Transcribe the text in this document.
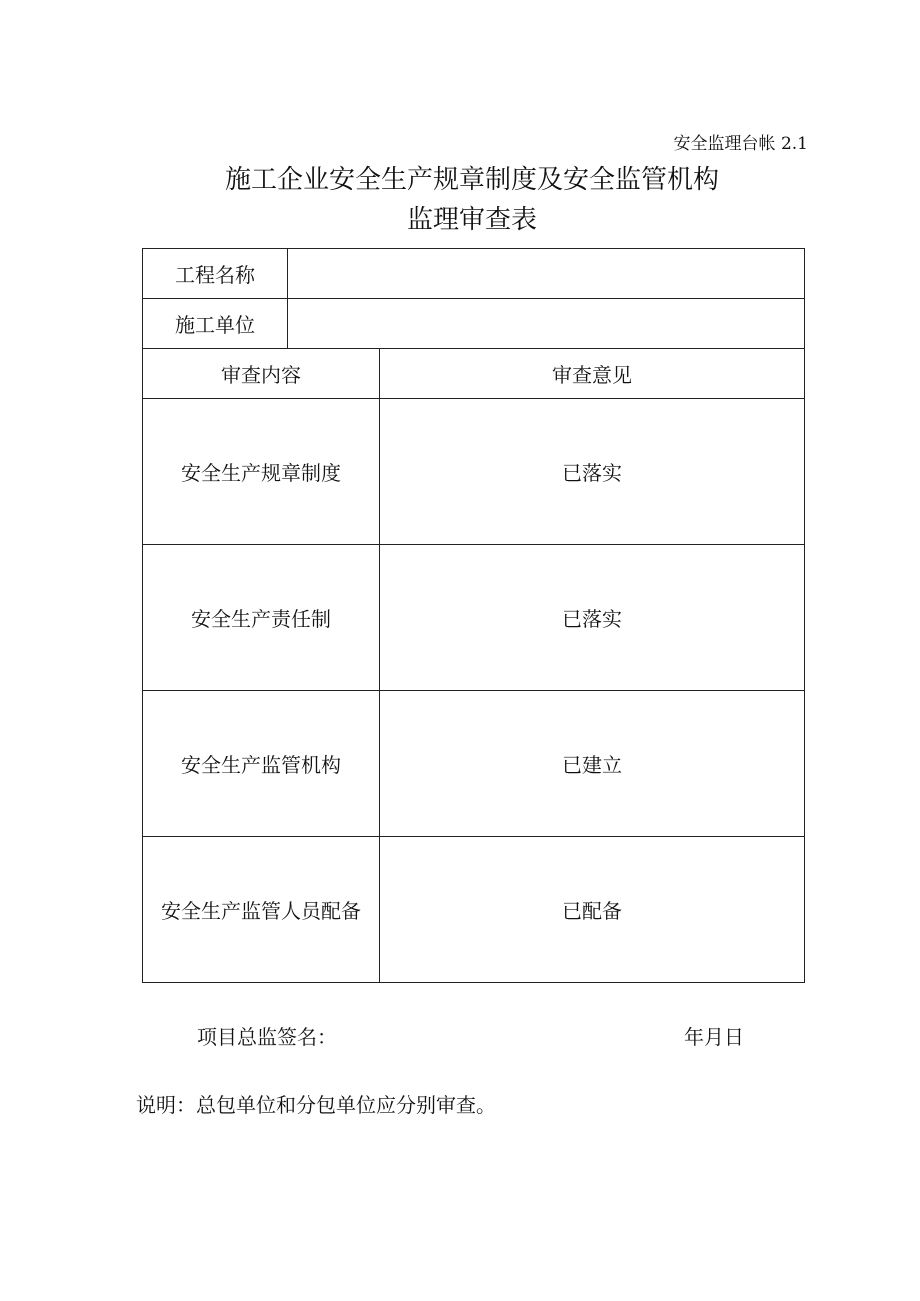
安全监理台帐 2.1
施工企业安全生产规章制度及安全监管机构
监理审查表
工程名称		
施工单位		
审查内容		审查意见
安全生产规章制度		已落实
安全生产责任制		已落实
安全生产监管机构		已建立
安全生产监管人员配备		已配备
项目总监签名：	年月日
说明：总包单位和分包单位应分别审查。
